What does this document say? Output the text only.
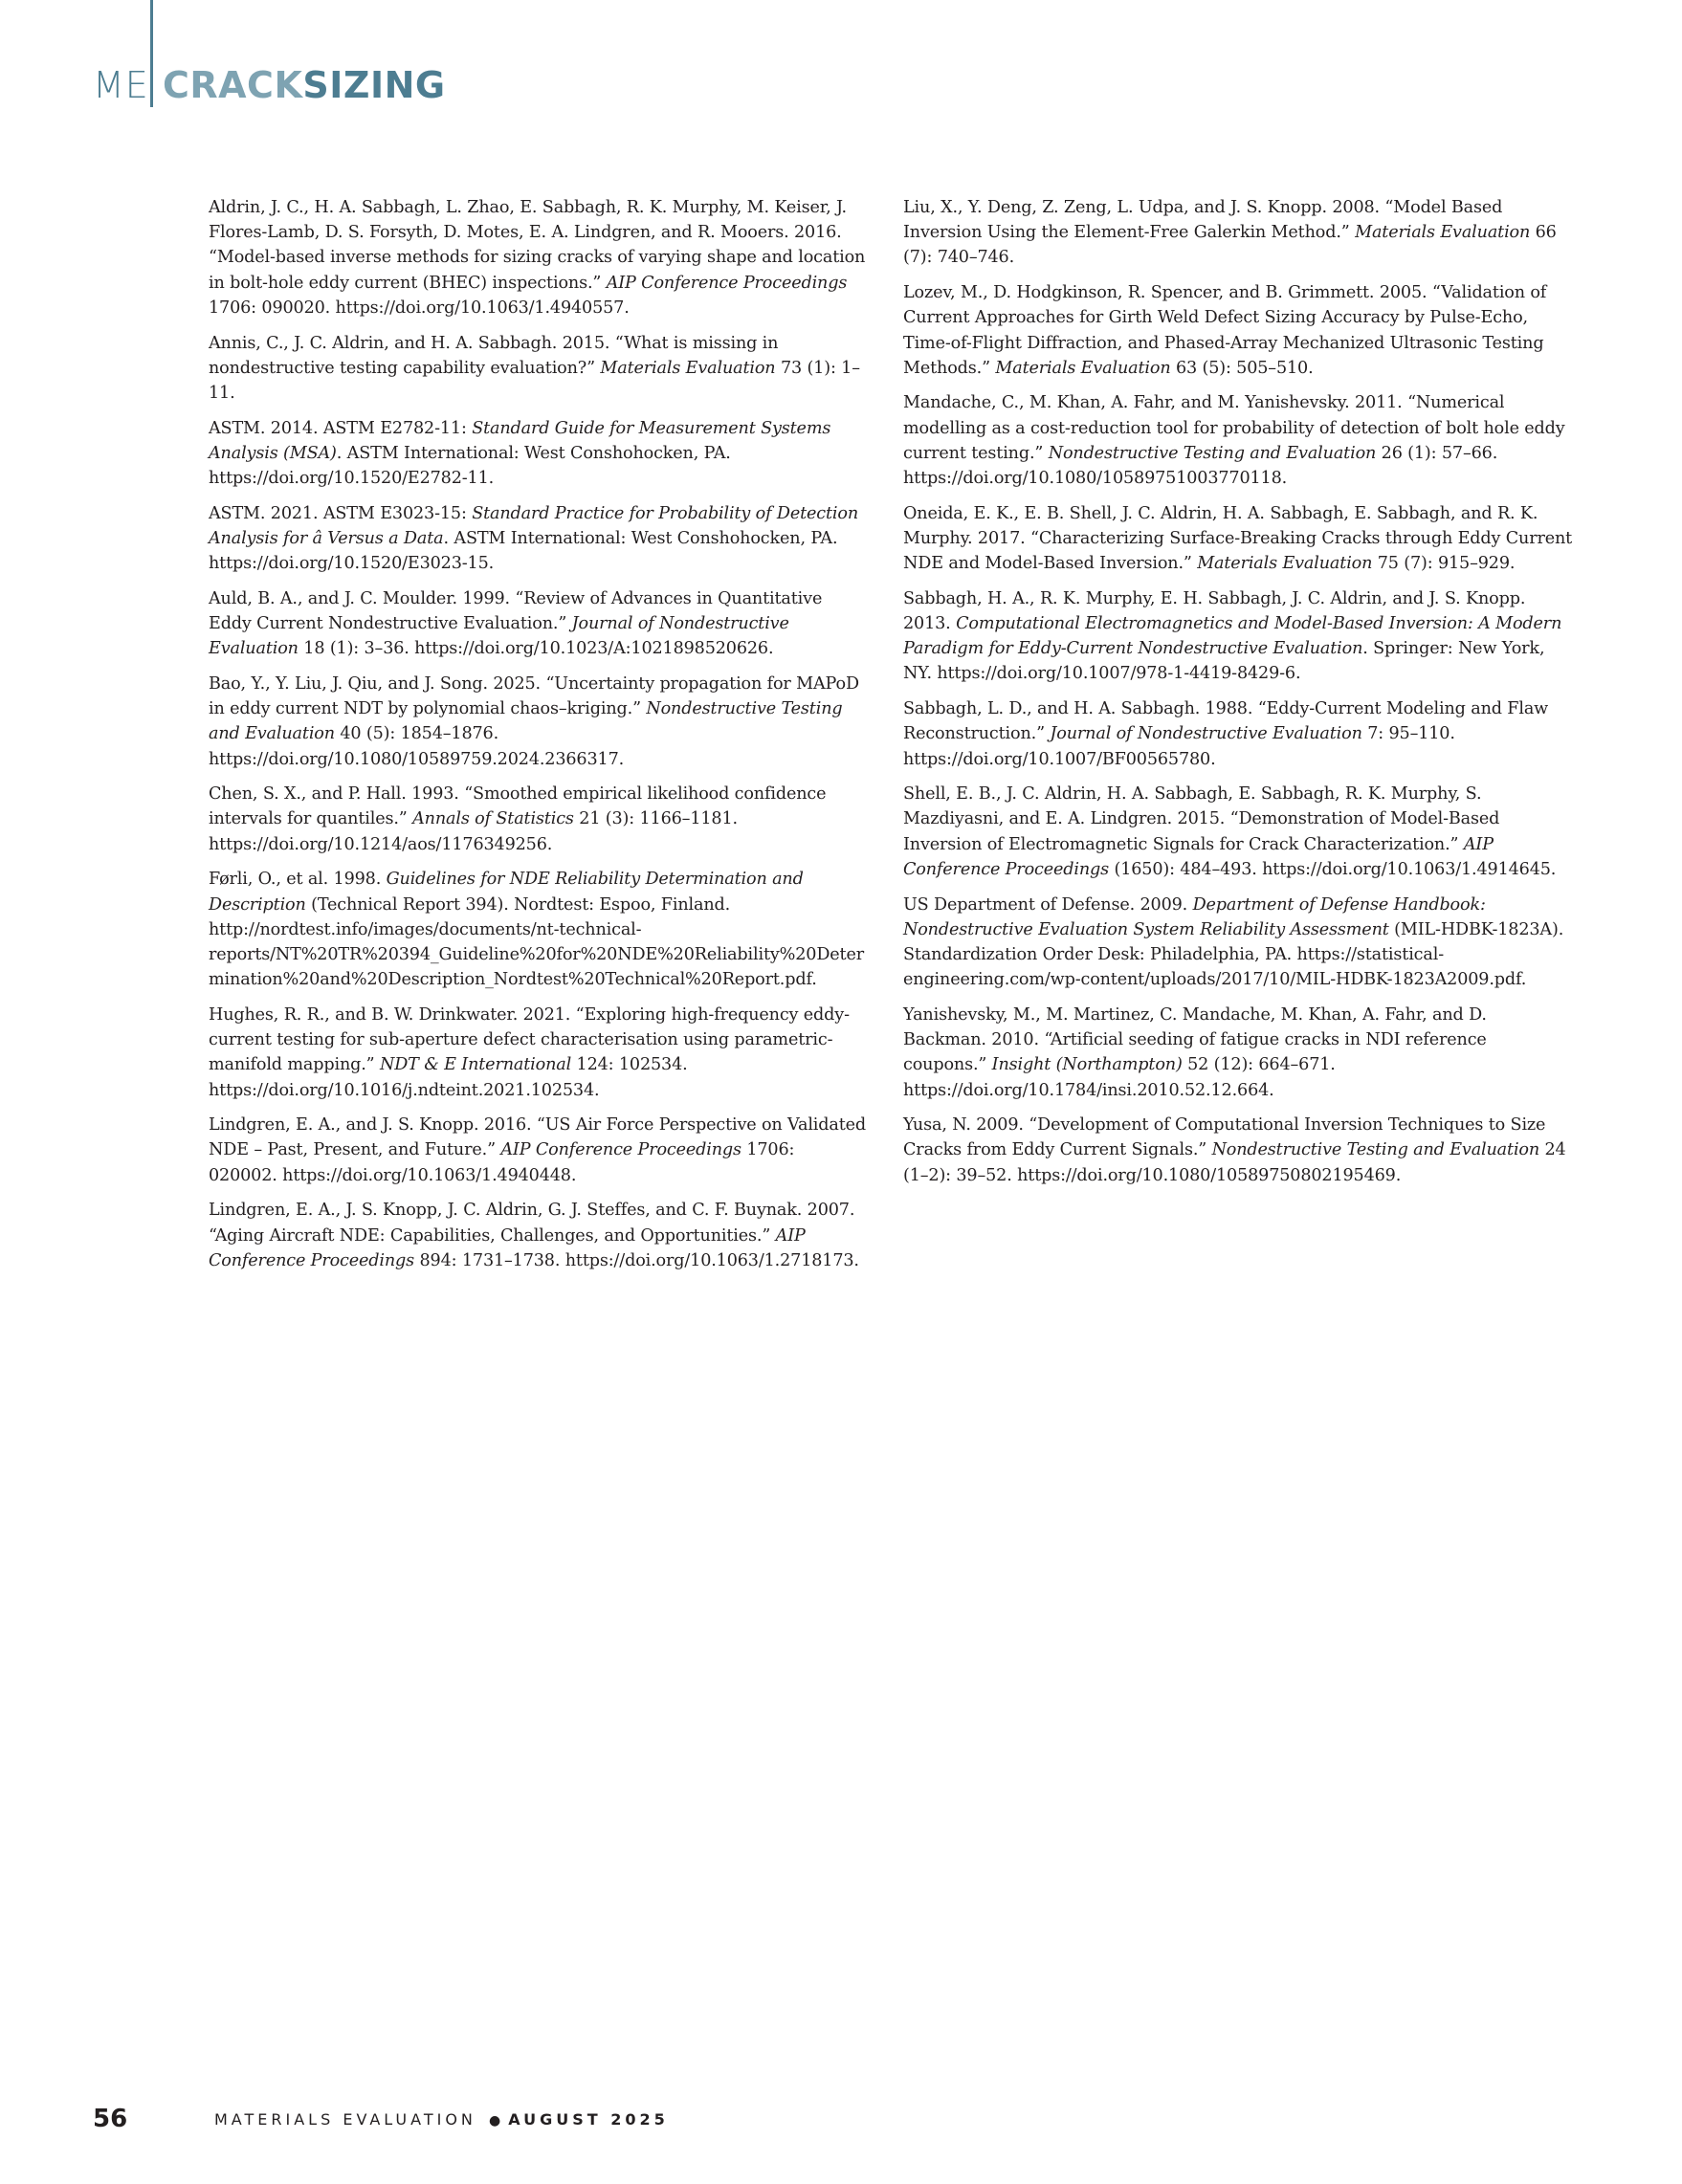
ME CRACKSIZING

Aldrin, J. C., H. A. Sabbagh, L. Zhao, E. Sabbagh, R. K. Murphy, M. Keiser, J. Flores-Lamb, D. S. Forsyth, D. Motes, E. A. Lindgren, and R. Mooers. 2016. “Model-based inverse methods for sizing cracks of varying shape and location in bolt-hole eddy current (BHEC) inspections.” AIP Conference Proceedings 1706: 090020. https://doi.org/10.1063/1.4940557.

Annis, C., J. C. Aldrin, and H. A. Sabbagh. 2015. “What is missing in nondestructive testing capability evaluation?” Materials Evaluation 73 (1): 1–11.

ASTM. 2014. ASTM E2782-11: Standard Guide for Measurement Systems Analysis (MSA). ASTM International: West Conshohocken, PA. https://doi.org/10.1520/E2782-11.

ASTM. 2021. ASTM E3023-15: Standard Practice for Probability of Detection Analysis for â Versus a Data. ASTM International: West Conshohocken, PA. https://doi.org/10.1520/E3023-15.

Auld, B. A., and J. C. Moulder. 1999. “Review of Advances in Quantitative Eddy Current Nondestructive Evaluation.” Journal of Nondestructive Evaluation 18 (1): 3–36. https://doi.org/10.1023/A:1021898520626.

Bao, Y., Y. Liu, J. Qiu, and J. Song. 2025. “Uncertainty propagation for MAPoD in eddy current NDT by polynomial chaos–kriging.” Nondestructive Testing and Evaluation 40 (5): 1854–1876. https://doi.org/10.1080/10589759.2024.2366317.

Chen, S. X., and P. Hall. 1993. “Smoothed empirical likelihood confidence intervals for quantiles.” Annals of Statistics 21 (3): 1166–1181. https://doi.org/10.1214/aos/1176349256.

Førli, O., et al. 1998. Guidelines for NDE Reliability Determination and Description (Technical Report 394). Nordtest: Espoo, Finland. http://nordtest.info/images/documents/nt-technical-reports/NT%20TR%20394_Guideline%20for%20NDE%20Reliability%20Determination%20and%20Description_Nordtest%20Technical%20Report.pdf.

Hughes, R. R., and B. W. Drinkwater. 2021. “Exploring high-frequency eddy-current testing for sub-aperture defect characterisation using parametric-manifold mapping.” NDT & E International 124: 102534. https://doi.org/10.1016/j.ndteint.2021.102534.

Lindgren, E. A., and J. S. Knopp. 2016. “US Air Force Perspective on Validated NDE – Past, Present, and Future.” AIP Conference Proceedings 1706: 020002. https://doi.org/10.1063/1.4940448.

Lindgren, E. A., J. S. Knopp, J. C. Aldrin, G. J. Steffes, and C. F. Buynak. 2007. “Aging Aircraft NDE: Capabilities, Challenges, and Opportunities.” AIP Conference Proceedings 894: 1731–1738. https://doi.org/10.1063/1.2718173.

Liu, X., Y. Deng, Z. Zeng, L. Udpa, and J. S. Knopp. 2008. “Model Based Inversion Using the Element-Free Galerkin Method.” Materials Evaluation 66 (7): 740–746.

Lozev, M., D. Hodgkinson, R. Spencer, and B. Grimmett. 2005. “Validation of Current Approaches for Girth Weld Defect Sizing Accuracy by Pulse-Echo, Time-of-Flight Diffraction, and Phased-Array Mechanized Ultrasonic Testing Methods.” Materials Evaluation 63 (5): 505–510.

Mandache, C., M. Khan, A. Fahr, and M. Yanishevsky. 2011. “Numerical modelling as a cost-reduction tool for probability of detection of bolt hole eddy current testing.” Nondestructive Testing and Evaluation 26 (1): 57–66. https://doi.org/10.1080/10589751003770118.

Oneida, E. K., E. B. Shell, J. C. Aldrin, H. A. Sabbagh, E. Sabbagh, and R. K. Murphy. 2017. “Characterizing Surface-Breaking Cracks through Eddy Current NDE and Model-Based Inversion.” Materials Evaluation 75 (7): 915–929.

Sabbagh, H. A., R. K. Murphy, E. H. Sabbagh, J. C. Aldrin, and J. S. Knopp. 2013. Computational Electromagnetics and Model-Based Inversion: A Modern Paradigm for Eddy-Current Nondestructive Evaluation. Springer: New York, NY. https://doi.org/10.1007/978-1-4419-8429-6.

Sabbagh, L. D., and H. A. Sabbagh. 1988. “Eddy-Current Modeling and Flaw Reconstruction.” Journal of Nondestructive Evaluation 7: 95–110. https://doi.org/10.1007/BF00565780.

Shell, E. B., J. C. Aldrin, H. A. Sabbagh, E. Sabbagh, R. K. Murphy, S. Mazdiyasni, and E. A. Lindgren. 2015. “Demonstration of Model-Based Inversion of Electromagnetic Signals for Crack Characterization.” AIP Conference Proceedings (1650): 484–493. https://doi.org/10.1063/1.4914645.

US Department of Defense. 2009. Department of Defense Handbook: Nondestructive Evaluation System Reliability Assessment (MIL-HDBK-1823A). Standardization Order Desk: Philadelphia, PA. https://statistical-engineering.com/wp-content/uploads/2017/10/MIL-HDBK-1823A2009.pdf.

Yanishevsky, M., M. Martinez, C. Mandache, M. Khan, A. Fahr, and D. Backman. 2010. “Artificial seeding of fatigue cracks in NDI reference coupons.” Insight (Northampton) 52 (12): 664–671. https://doi.org/10.1784/insi.2010.52.12.664.

Yusa, N. 2009. “Development of Computational Inversion Techniques to Size Cracks from Eddy Current Signals.” Nondestructive Testing and Evaluation 24 (1–2): 39–52. https://doi.org/10.1080/10589750802195469.

56	MATERIALS EVALUATION ● AUGUST 2025
